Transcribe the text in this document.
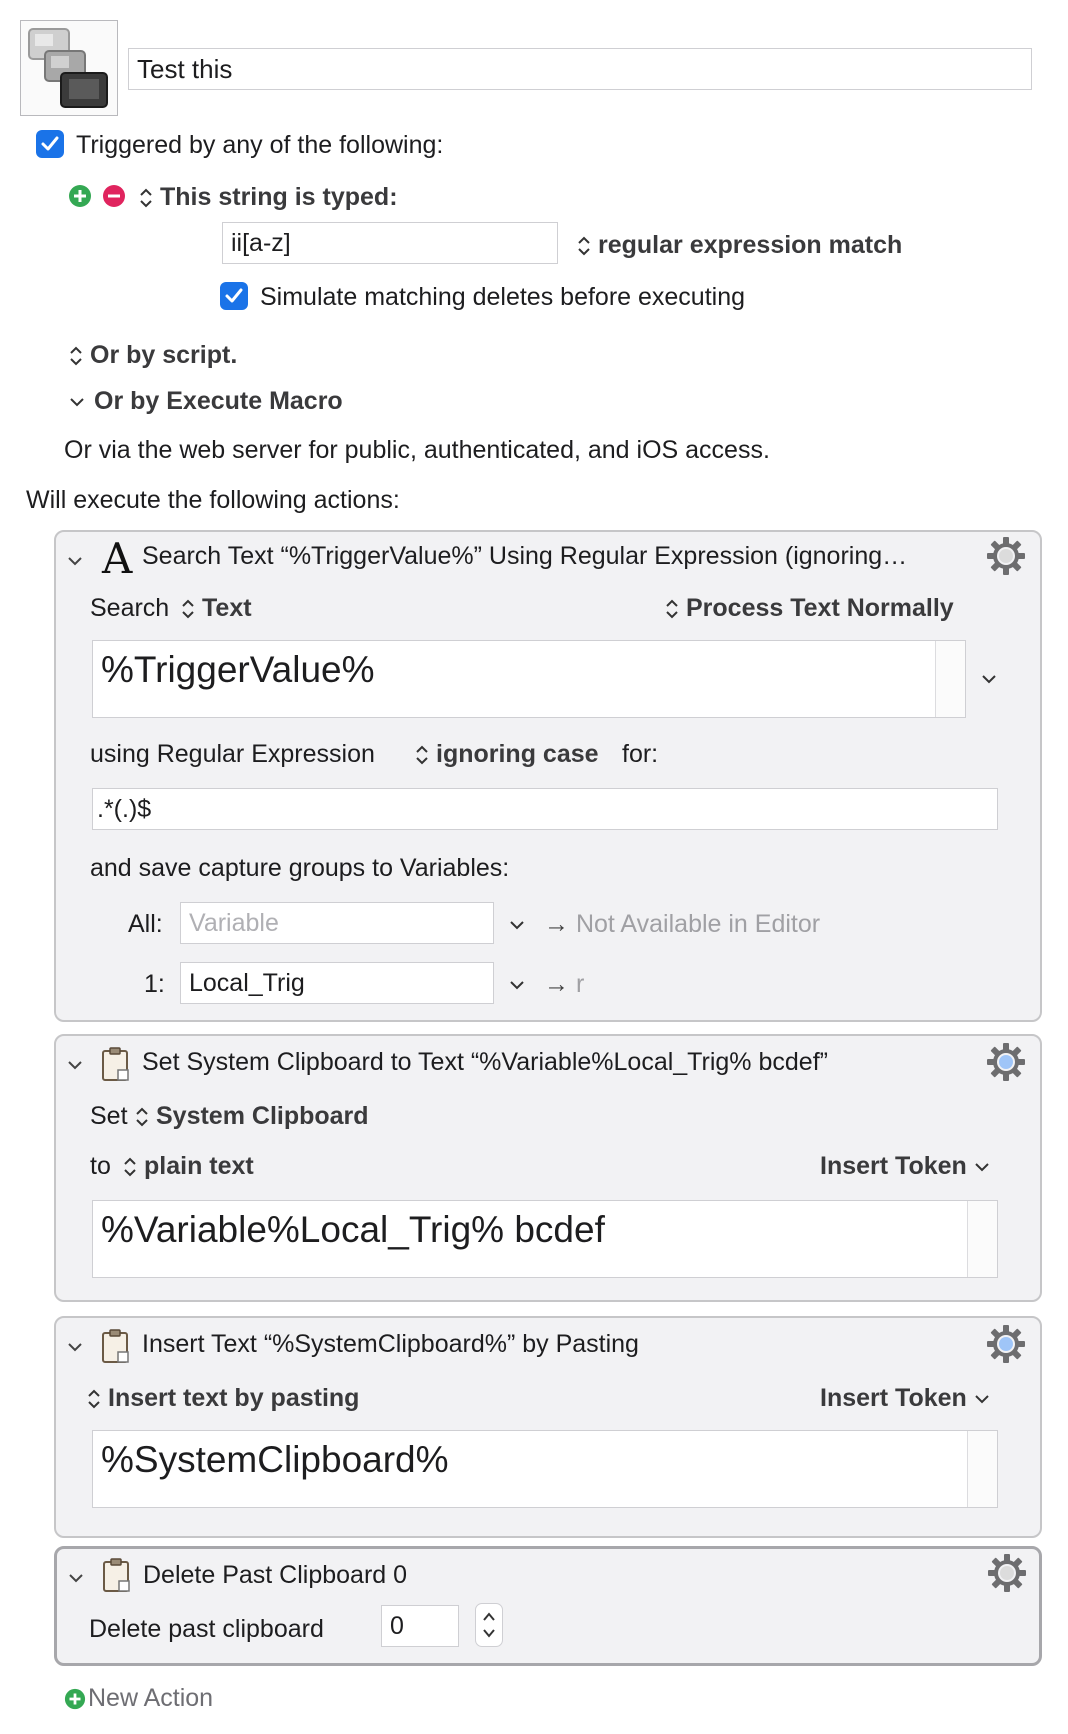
Test this
Triggered by any of the following:
This string is typed:
ii[a-z]	regular expression match
Simulate matching deletes before executing
Or by script.
Or by Execute Macro
Or via the web server for public, authenticated, and iOS access.
Will execute the following actions:
A Search Text “%TriggerValue%” Using Regular Expression (ignoring…
Search	Text	Process Text Normally
%TriggerValue%
using Regular Expression	ignoring case for:
.*(.)$
and save capture groups to Variables:
All: Variable	→ Not Available in Editor
1: Local_Trig	→ r
Set System Clipboard to Text “%Variable%Local_Trig% bcdef”
Set	System Clipboard
to	plain text	Insert Token
%Variable%Local_Trig% bcdef
Insert Text “%SystemClipboard%” by Pasting
Insert text by pasting	Insert Token
%SystemClipboard%
Delete Past Clipboard 0
Delete past clipboard	0
New Action
